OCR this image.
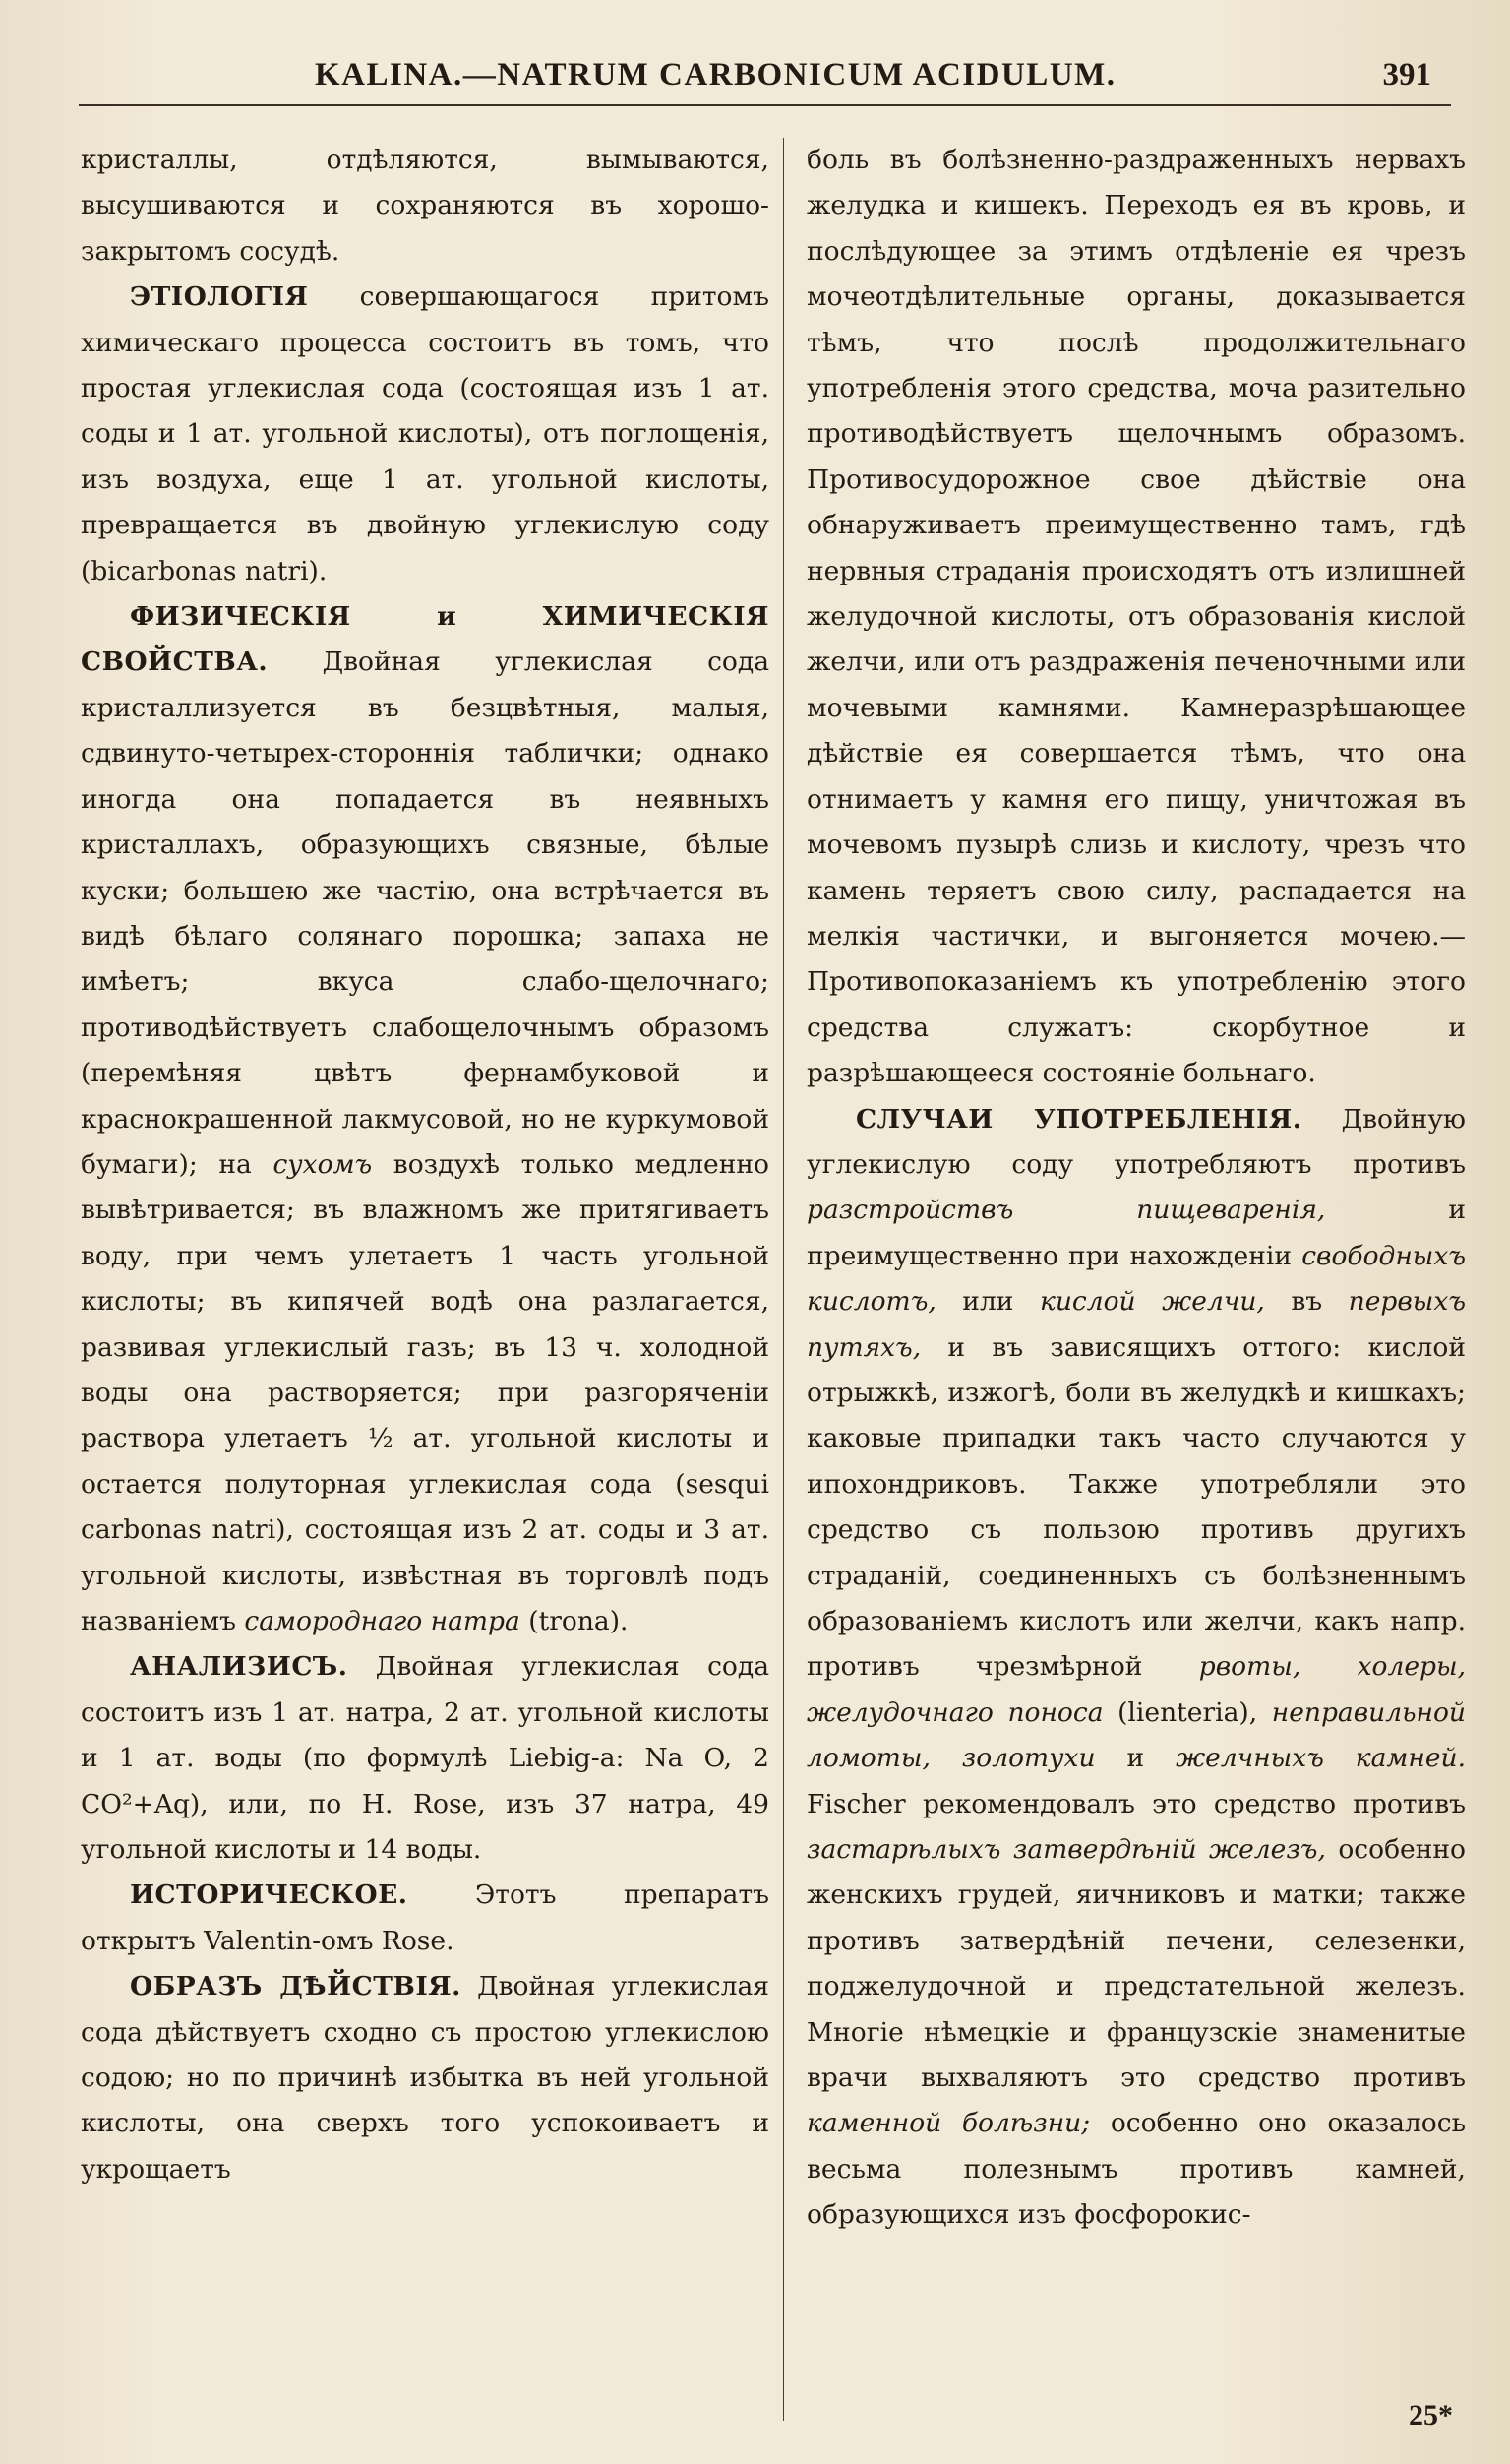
KALINA.—NATRUM CARBONICUM ACIDULUM.	391

кристаллы, отдѣляются, вымываются, высушиваются и сохраняются въ хорошо-закрытомъ сосудѣ.

ЭТІОЛОГІЯ совершающагося притомъ химическаго процесса состоитъ въ томъ, что простая углекислая сода (состоящая изъ 1 ат. соды и 1 ат. угольной кислоты), отъ поглощенія, изъ воздуха, еще 1 ат. угольной кислоты, превращается въ двойную углекислую соду (bicarbonas natri).

ФИЗИЧЕСКІЯ и ХИМИЧЕСКІЯ СВОЙСТВА. Двойная углекислая сода кристаллизуется въ безцвѣтныя, малыя, сдвинуто-четырех-стороннія таблички; однако иногда она попадается въ неявныхъ кристаллахъ, образующихъ связные, бѣлые куски; большею же частію, она встрѣчается въ видѣ бѣлаго солянаго порошка; запаха не имѣетъ; вкуса слабо-щелочнаго; противодѣйствуетъ слабощелочнымъ образомъ (перемѣняя цвѣтъ фернамбуковой и краснокрашенной лакмусовой, но не куркумовой бумаги); на сухомъ воздухѣ только медленно вывѣтривается; въ влажномъ же притягиваетъ воду, при чемъ улетаетъ 1 часть угольной кислоты; въ кипячей водѣ она разлагается, развивая углекислый газъ; въ 13 ч. холодной воды она растворяется; при разгоряченіи раствора улетаетъ ½ ат. угольной кислоты и остается полуторная углекислая сода (sesqui carbonas natri), состоящая изъ 2 ат. соды и 3 ат. угольной кислоты, извѣстная въ торговлѣ подъ названіемъ самороднаго натра (trona).

АНАЛИЗИСЪ. Двойная углекислая сода состоитъ изъ 1 ат. натра, 2 ат. угольной кислоты и 1 ат. воды (по формулѣ Liebig-a: Na O, 2 CO²+Aq), или, по H. Rose, изъ 37 натра, 49 угольной кислоты и 14 воды.

ИСТОРИЧЕСКОЕ. Этотъ препаратъ открытъ Valentin-омъ Rose.

ОБРАЗЪ ДѢЙСТВІЯ. Двойная углекислая сода дѣйствуетъ сходно съ простою углекислою содою; но по причинѣ избытка въ ней угольной кислоты, она сверхъ того успокоиваетъ и укрощаетъ

боль въ болѣзненно-раздраженныхъ нервахъ желудка и кишекъ. Переходъ ея въ кровь, и послѣдующее за этимъ отдѣленіе ея чрезъ мочеотдѣлительные органы, доказывается тѣмъ, что послѣ продолжительнаго употребленія этого средства, моча разительно противодѣйствуетъ щелочнымъ образомъ. Противосудорожное свое дѣйствіе она обнаруживаетъ преимущественно тамъ, гдѣ нервныя страданія происходятъ отъ излишней желудочной кислоты, отъ образованія кислой желчи, или отъ раздраженія печеночными или мочевыми камнями. Камнеразрѣшающее дѣйствіе ея совершается тѣмъ, что она отнимаетъ у камня его пищу, уничтожая въ мочевомъ пузырѣ слизь и кислоту, чрезъ что камень теряетъ свою силу, распадается на мелкія частички, и выгоняется мочею.—Противопоказаніемъ къ употребленію этого средства служатъ: скорбутное и разрѣшающееся состояніе больнаго.

СЛУЧАИ УПОТРЕБЛЕНІЯ. Двойную углекислую соду употребляютъ противъ разстройствъ пищеваренія, и преимущественно при нахожденіи свободныхъ кислотъ, или кислой желчи, въ первыхъ путяхъ, и въ зависящихъ оттого: кислой отрыжкѣ, изжогѣ, боли въ желудкѣ и кишкахъ; каковые припадки такъ часто случаются у ипохондриковъ. Также употребляли это средство съ пользою противъ другихъ страданій, соединенныхъ съ болѣзненнымъ образованіемъ кислотъ или желчи, какъ напр. противъ чрезмѣрной рвоты, холеры, желудочнаго поноса (lienteria), неправильной ломоты, золотухи и желчныхъ камней. Fischer рекомендовалъ это средство противъ застарѣлыхъ затвердѣній железъ, особенно женскихъ грудей, яичниковъ и матки; также противъ затвердѣній печени, селезенки, поджелудочной и предстательной железъ. Многіе нѣмецкіе и французскіе знаменитые врачи выхваляютъ это средство противъ каменной болѣзни; особенно оно оказалось весьма полезнымъ противъ камней, образующихся изъ фосфорокис-

25*
